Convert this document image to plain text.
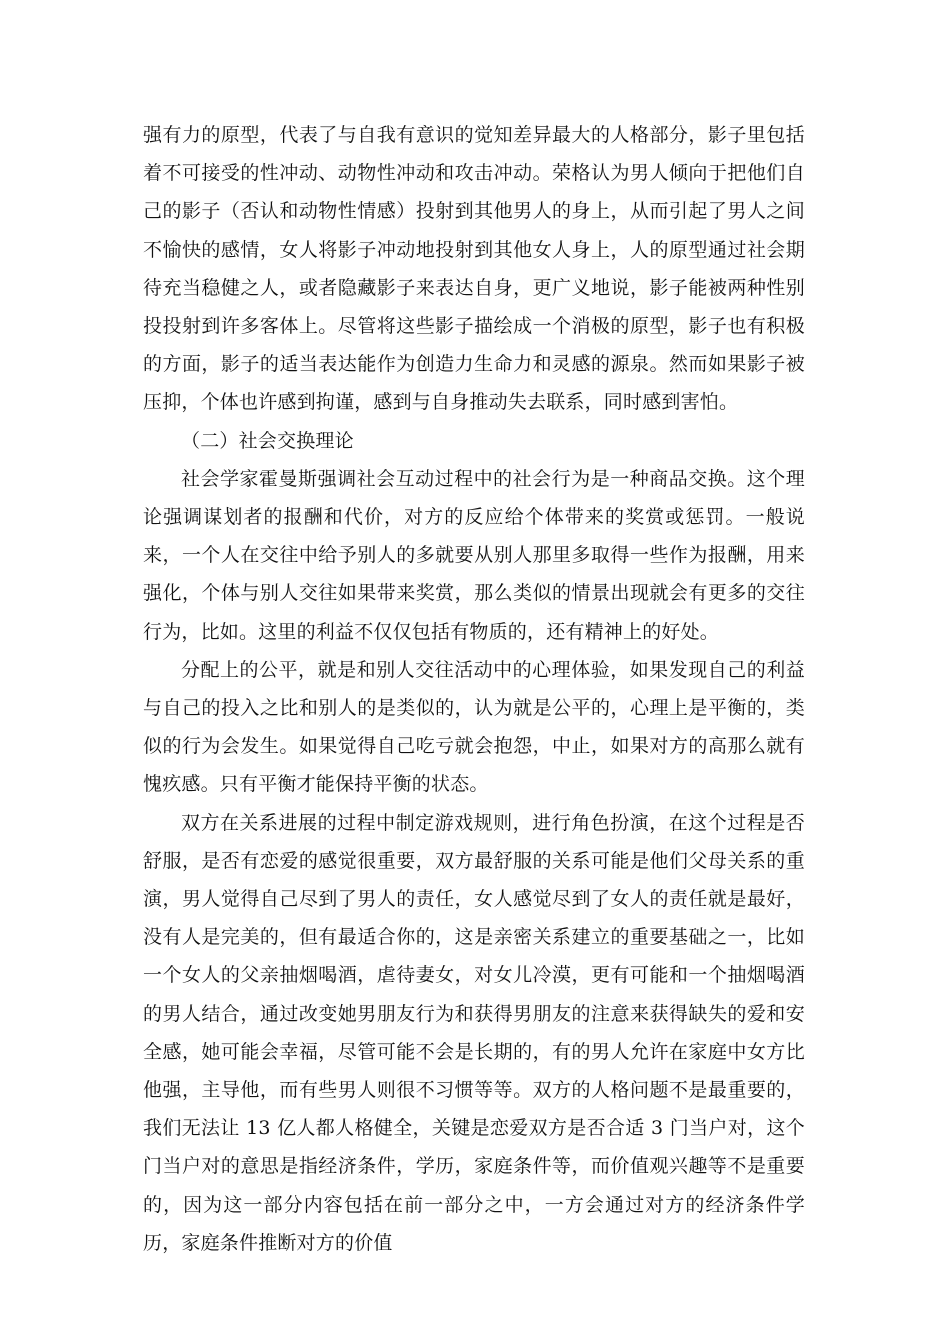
强有力的原型，代表了与自我有意识的觉知差异最大的人格部分，影子里包括着不可接受的性冲动、动物性冲动和攻击冲动。荣格认为男人倾向于把他们自己的影子（否认和动物性情感）投射到其他男人的身上，从而引起了男人之间不愉快的感情，女人将影子冲动地投射到其他女人身上，人的原型通过社会期待充当稳健之人，或者隐藏影子来表达自身，更广义地说，影子能被两种性别投投射到许多客体上。尽管将这些影子描绘成一个消极的原型，影子也有积极的方面，影子的适当表达能作为创造力生命力和灵感的源泉。然而如果影子被压抑，个体也许感到拘谨，感到与自身推动失去联系，同时感到害怕。

（二）社会交换理论

社会学家霍曼斯强调社会互动过程中的社会行为是一种商品交换。这个理论强调谋划者的报酬和代价，对方的反应给个体带来的奖赏或惩罚。一般说来，一个人在交往中给予别人的多就要从别人那里多取得一些作为报酬，用来强化，个体与别人交往如果带来奖赏，那么类似的情景出现就会有更多的交往行为，比如。这里的利益不仅仅包括有物质的，还有精神上的好处。

分配上的公平，就是和别人交往活动中的心理体验，如果发现自己的利益与自己的投入之比和别人的是类似的，认为就是公平的，心理上是平衡的，类似的行为会发生。如果觉得自己吃亏就会抱怨，中止，如果对方的高那么就有愧疚感。只有平衡才能保持平衡的状态。

双方在关系进展的过程中制定游戏规则，进行角色扮演，在这个过程是否舒服，是否有恋爱的感觉很重要，双方最舒服的关系可能是他们父母关系的重演，男人觉得自己尽到了男人的责任，女人感觉尽到了女人的责任就是最好，没有人是完美的，但有最适合你的，这是亲密关系建立的重要基础之一，比如一个女人的父亲抽烟喝酒，虐待妻女，对女儿冷漠，更有可能和一个抽烟喝酒的男人结合，通过改变她男朋友行为和获得男朋友的注意来获得缺失的爱和安全感，她可能会幸福，尽管可能不会是长期的，有的男人允许在家庭中女方比他强，主导他，而有些男人则很不习惯等等。双方的人格问题不是最重要的，我们无法让 13 亿人都人格健全，关键是恋爱双方是否合适 3 门当户对，这个门当户对的意思是指经济条件，学历，家庭条件等，而价值观兴趣等不是重要的，因为这一部分内容包括在前一部分之中，一方会通过对方的经济条件学历，家庭条件推断对方的价值
